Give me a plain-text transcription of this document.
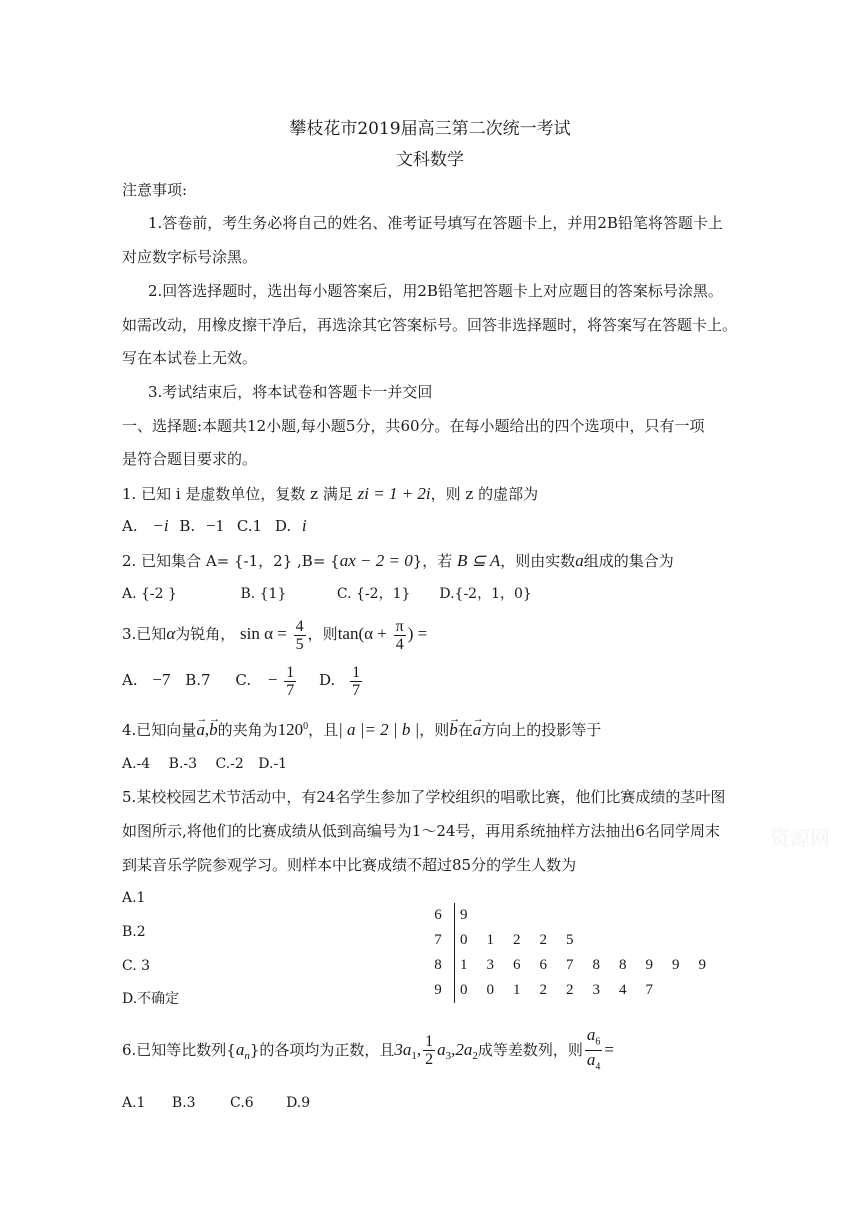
攀枝花市2019届高三第二次统一考试
文科数学
注意事项:
1.答卷前，考生务必将自己的姓名、准考证号填写在答题卡上，并用2B铅笔将答题卡上
对应数字标号涂黑。
2.回答选择题时，选出每小题答案后，用2B铅笔把答题卡上对应题目的答案标号涂黑。
如需改动，用橡皮擦干净后，再选涂其它答案标号。回答非选择题时，将答案写在答题卡上。
写在本试卷上无效。
3.考试结束后，将本试卷和答题卡一并交回
一、选择题:本题共12小题,每小题5分，共60分。在每小题给出的四个选项中，只有一项
是符合题目要求的。
1. 已知 i 是虚数单位，复数 z 满足 zi = 1 + 2i，则 z 的虚部为
A. −i B. −1 C.1 D. i
2. 已知集合 A= {-1，2} ,B= {ax − 2 = 0}，若 B ⊆ A，则由实数a组成的集合为
A. {-2 }	B. {1}	C. {-2，1} D.{-2，1，0}
3.已知α为锐角， $\sin \alpha = \frac{4}{5}$ ，则$\tan(\alpha + \frac{\pi}{4}$ ) =
A. −7 B.7 C. − $\frac{1}{7} D$. $\frac{1}{7}$
4.已知向量→ a,→ b的夹角为$120^0$，且| a |= 2 | b |，则→ b在→ a方向上的投影等于
A.-4 B.-3 C.-2 D.-1
5.某校校园艺术节活动中，有24名学生参加了学校组织的唱歌比赛，他们比赛成绩的茎叶图
如图所示,将他们的比赛成绩从低到高编号为1～24号，再用系统抽样方法抽出6名同学周末
到某音乐学院参观学习。则样本中比赛成绩不超过85分的学生人数为
A.1
B.2
C. 3
D.不确定
6	9
7	0 1 2 2 5
8	1 3 6 6 7 8 8 9 9 9
9	0 0 1 2 2 3 4 7
6.已知等比数列$\{a_n\}$的各项均为正数，且$3a_1$, $\frac{1}{2} a_3,2a_2$成等差数列，则 $\frac{a_6}{a_4}$ =
A.1 B.3 C.6 D.9
资源网
